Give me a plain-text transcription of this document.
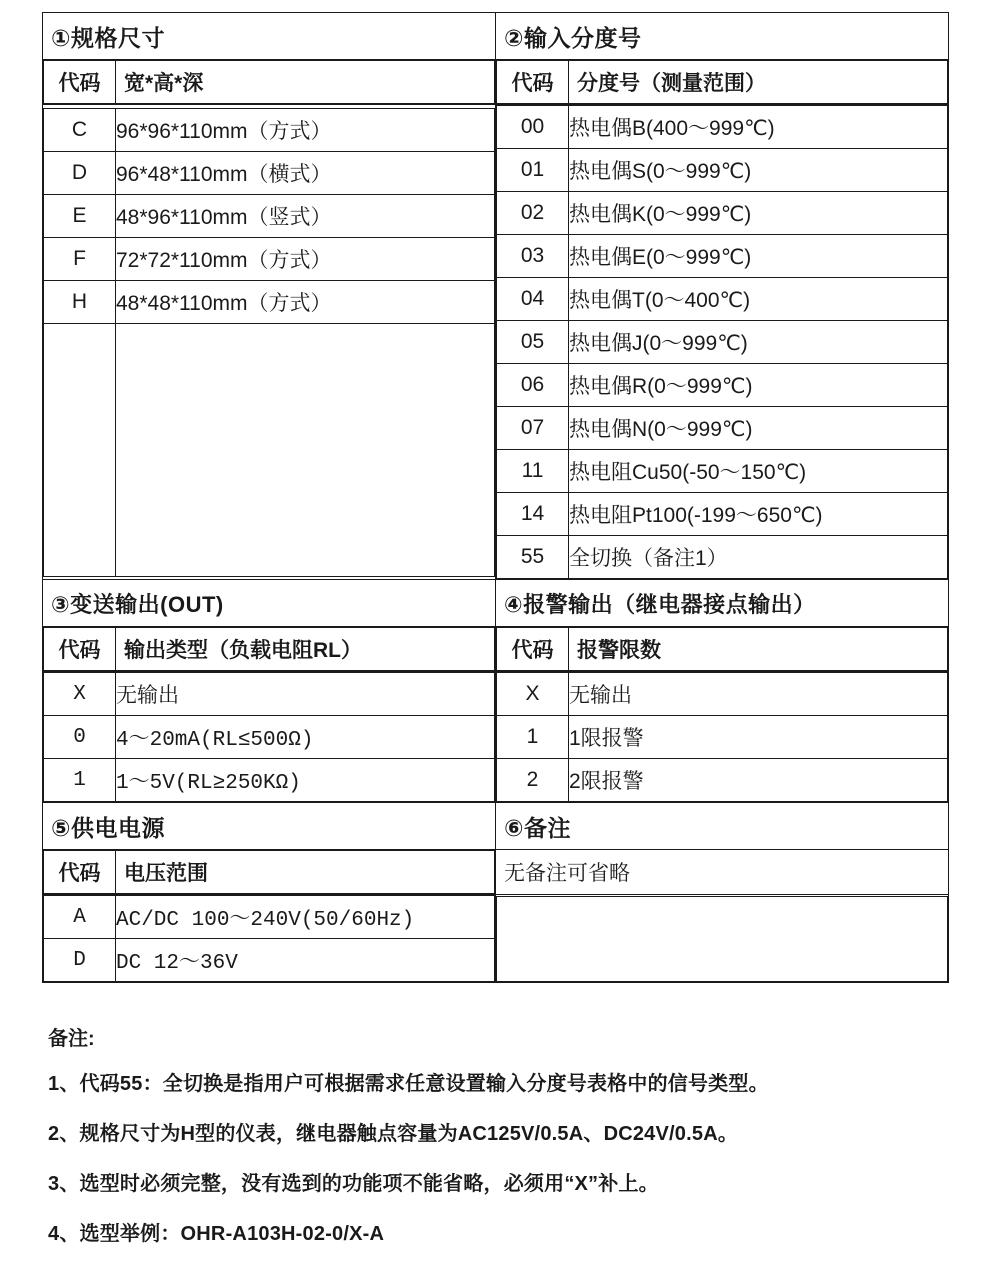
①规格尺寸	②输入分度号

代码	宽*高*深
		代码	分度号（测量范围）

C	96*96*110mm（方式）
D	96*48*110mm（横式）
E	48*96*110mm（竖式）
F	72*72*110mm（方式）
H	48*48*110mm（方式）

00	热电偶B(400～999℃)
01	热电偶S(0～999℃)
02	热电偶K(0～999℃)
03	热电偶E(0～999℃)
04	热电偶T(0～400℃)
05	热电偶J(0～999℃)
06	热电偶R(0～999℃)
07	热电偶N(0～999℃)
11	热电阻Cu50(-50～150℃)
14	热电阻Pt100(-199～650℃)
55	全切换（备注1）
③变送输出(OUT)	④报警输出（继电器接点输出）

代码	输出类型（负载电阻RL）
		代码	报警限数

X	无输出
0	4～20mA(RL≤500Ω)
1	1～5V(RL≥250KΩ)

X	无输出
1	1限报警
2	2限报警
⑤供电电源	⑥备注

代码	电压范围
		无备注可省略

A	AC/DC 100～240V(50/60Hz)
D	DC 12～36V

备注:
1、代码55：全切换是指用户可根据需求任意设置输入分度号表格中的信号类型。
2、规格尺寸为H型的仪表，继电器触点容量为AC125V/0.5A、DC24V/0.5A。
3、选型时必须完整，没有选到的功能项不能省略，必须用“X”补上。
4、选型举例：OHR-A103H-02-0/X-A
